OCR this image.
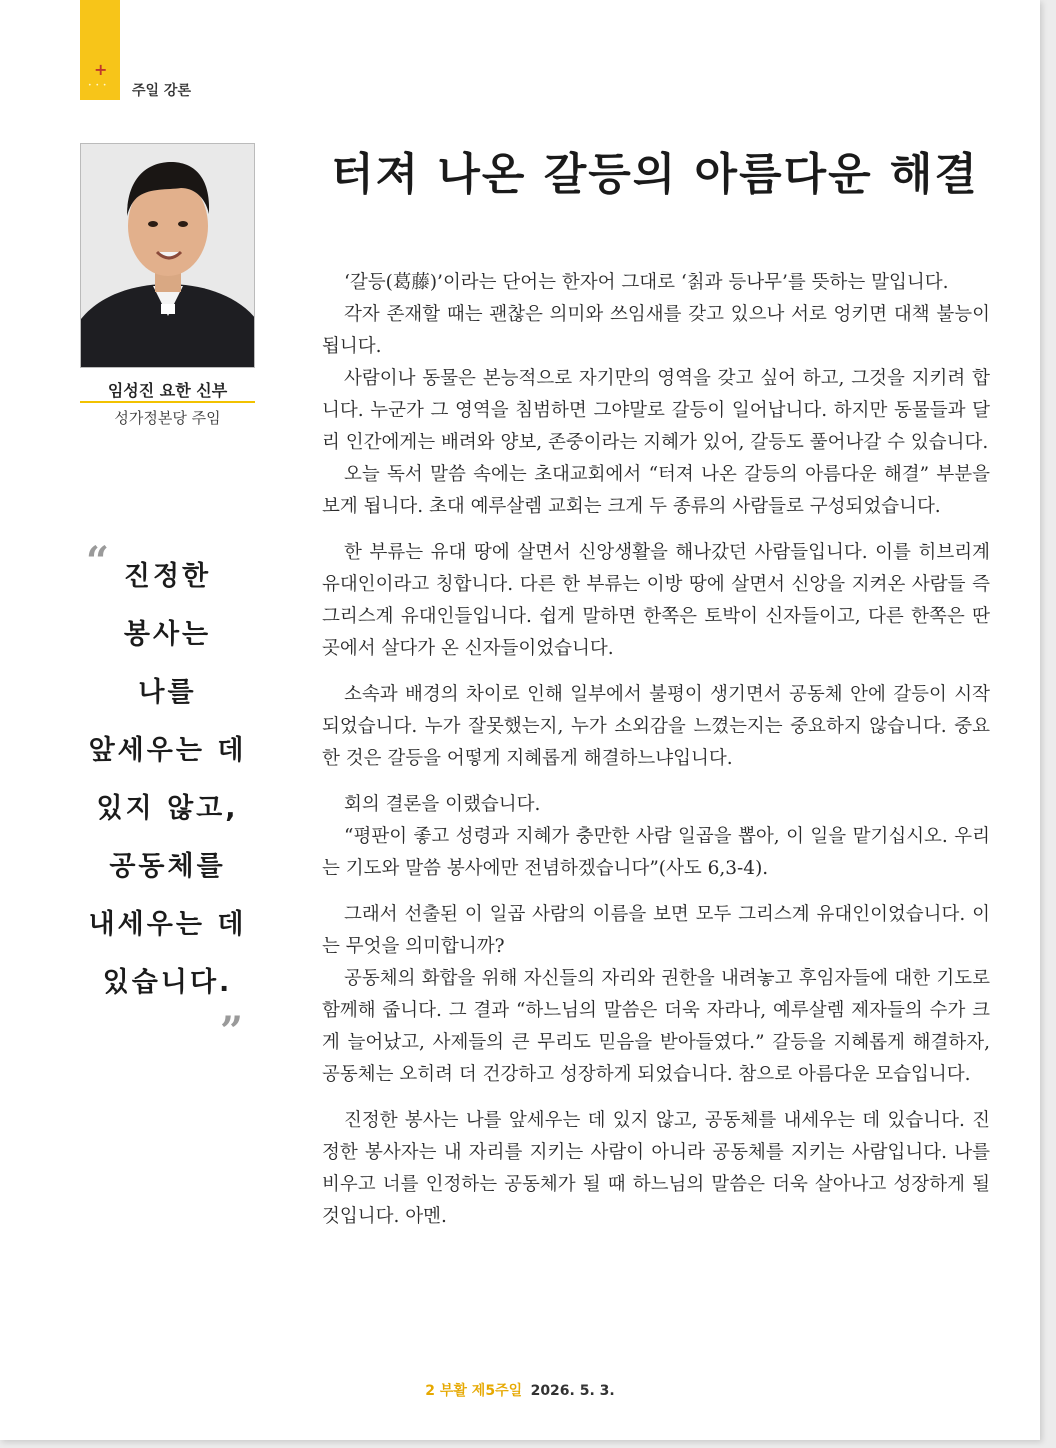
+
• • • 주일 강론
임성진 요한 신부
성가정본당 주임
“ 진정한
봉사는
나를
앞세우는 데
있지 않고,
공동체를
내세우는 데
있습니다.
”
터져 나온 갈등의 아름다운 해결

‘갈등(葛藤)’이라는 단어는 한자어 그대로 ‘칡과 등나무’를 뜻하는 말입니다.

각자 존재할 때는 괜찮은 의미와 쓰임새를 갖고 있으나 서로 엉키면 대책 불능이 됩니다.

사람이나 동물은 본능적으로 자기만의 영역을 갖고 싶어 하고, 그것을 지키려 합니다. 누군가 그 영역을 침범하면 그야말로 갈등이 일어납니다. 하지만 동물들과 달리 인간에게는 배려와 양보, 존중이라는 지혜가 있어, 갈등도 풀어나갈 수 있습니다.

오늘 독서 말씀 속에는 초대교회에서 “터져 나온 갈등의 아름다운 해결” 부분을 보게 됩니다. 초대 예루살렘 교회는 크게 두 종류의 사람들로 구성되었습니다.

한 부류는 유대 땅에 살면서 신앙생활을 해나갔던 사람들입니다. 이를 히브리계 유대인이라고 칭합니다. 다른 한 부류는 이방 땅에 살면서 신앙을 지켜온 사람들 즉 그리스계 유대인들입니다. 쉽게 말하면 한쪽은 토박이 신자들이고, 다른 한쪽은 딴 곳에서 살다가 온 신자들이었습니다.

소속과 배경의 차이로 인해 일부에서 불평이 생기면서 공동체 안에 갈등이 시작되었습니다. 누가 잘못했는지, 누가 소외감을 느꼈는지는 중요하지 않습니다. 중요한 것은 갈등을 어떻게 지혜롭게 해결하느냐입니다.

회의 결론을 이랬습니다.

“평판이 좋고 성령과 지혜가 충만한 사람 일곱을 뽑아, 이 일을 맡기십시오. 우리는 기도와 말씀 봉사에만 전념하겠습니다”(사도 6,3-4).

그래서 선출된 이 일곱 사람의 이름을 보면 모두 그리스계 유대인이었습니다. 이는 무엇을 의미합니까?

공동체의 화합을 위해 자신들의 자리와 권한을 내려놓고 후임자들에 대한 기도로 함께해 줍니다. 그 결과 “하느님의 말씀은 더욱 자라나, 예루살렘 제자들의 수가 크게 늘어났고, 사제들의 큰 무리도 믿음을 받아들였다.” 갈등을 지혜롭게 해결하자, 공동체는 오히려 더 건강하고 성장하게 되었습니다. 참으로 아름다운 모습입니다.

진정한 봉사는 나를 앞세우는 데 있지 않고, 공동체를 내세우는 데 있습니다. 진정한 봉사자는 내 자리를 지키는 사람이 아니라 공동체를 지키는 사람입니다. 나를 비우고 너를 인정하는 공동체가 될 때 하느님의 말씀은 더욱 살아나고 성장하게 될 것입니다. 아멘.

2 부활 제5주일 2026. 5. 3.
